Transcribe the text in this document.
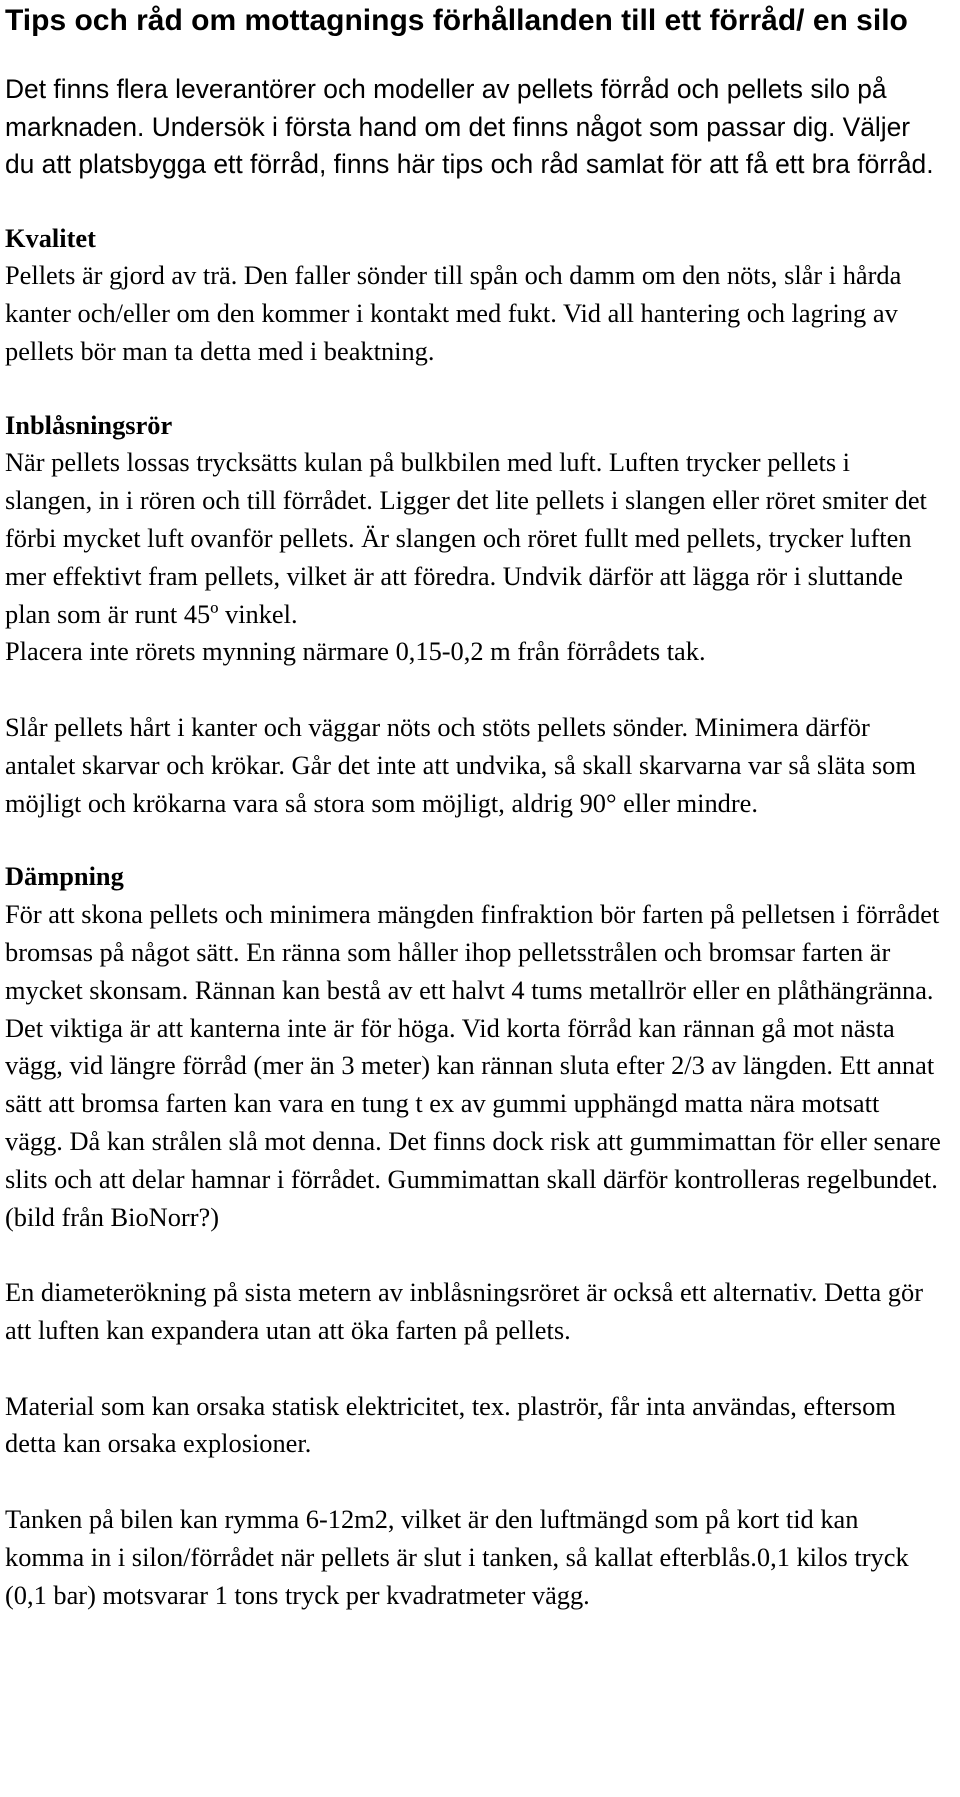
Tips och råd om mottagnings förhållanden till ett förråd/ en silo

Det finns flera leverantörer och modeller av pellets förråd och pellets silo på marknaden. Undersök i första hand om det finns något som passar dig. Väljer du att platsbygga ett förråd, finns här tips och råd samlat för att få ett bra förråd.

Kvalitet

Pellets är gjord av trä. Den faller sönder till spån och damm om den nöts, slår i hårda kanter och/eller om den kommer i kontakt med fukt. Vid all hantering och lagring av pellets bör man ta detta med i beaktning.

Inblåsningsrör

När pellets lossas trycksätts kulan på bulkbilen med luft. Luften trycker pellets i slangen, in i rören och till förrådet. Ligger det lite pellets i slangen eller röret smiter det förbi mycket luft ovanför pellets. Är slangen och röret fullt med pellets, trycker luften mer effektivt fram pellets, vilket är att föredra. Undvik därför att lägga rör i sluttande plan som är runt 45º vinkel.

Placera inte rörets mynning närmare 0,15-0,2 m från förrådets tak.

Slår pellets hårt i kanter och väggar nöts och stöts pellets sönder. Minimera därför antalet skarvar och krökar. Går det inte att undvika, så skall skarvarna var så släta som möjligt och krökarna vara så stora som möjligt, aldrig 90° eller mindre.

Dämpning

För att skona pellets och minimera mängden finfraktion bör farten på pelletsen i förrådet bromsas på något sätt. En ränna som håller ihop pelletsstrålen och bromsar farten är mycket skonsam. Rännan kan bestå av ett halvt 4 tums metallrör eller en plåthängränna. Det viktiga är att kanterna inte är för höga. Vid korta förråd kan rännan gå mot nästa vägg, vid längre förråd (mer än 3 meter) kan rännan sluta efter 2/3 av längden. Ett annat sätt att bromsa farten kan vara en tung t ex av gummi upphängd matta nära motsatt vägg. Då kan strålen slå mot denna. Det finns dock risk att gummimattan för eller senare slits och att delar hamnar i förrådet. Gummimattan skall därför kontrolleras regelbundet. (bild från BioNorr?)

En diameterökning på sista metern av inblåsningsröret är också ett alternativ. Detta gör att luften kan expandera utan att öka farten på pellets.

Material som kan orsaka statisk elektricitet, tex. plaströr, får inta användas, eftersom detta kan orsaka explosioner.

Tanken på bilen kan rymma 6-12m2, vilket är den luftmängd som på kort tid kan komma in i silon/förrådet när pellets är slut i tanken, så kallat efterblås.0,1 kilos tryck (0,1 bar) motsvarar 1 tons tryck per kvadratmeter vägg.
